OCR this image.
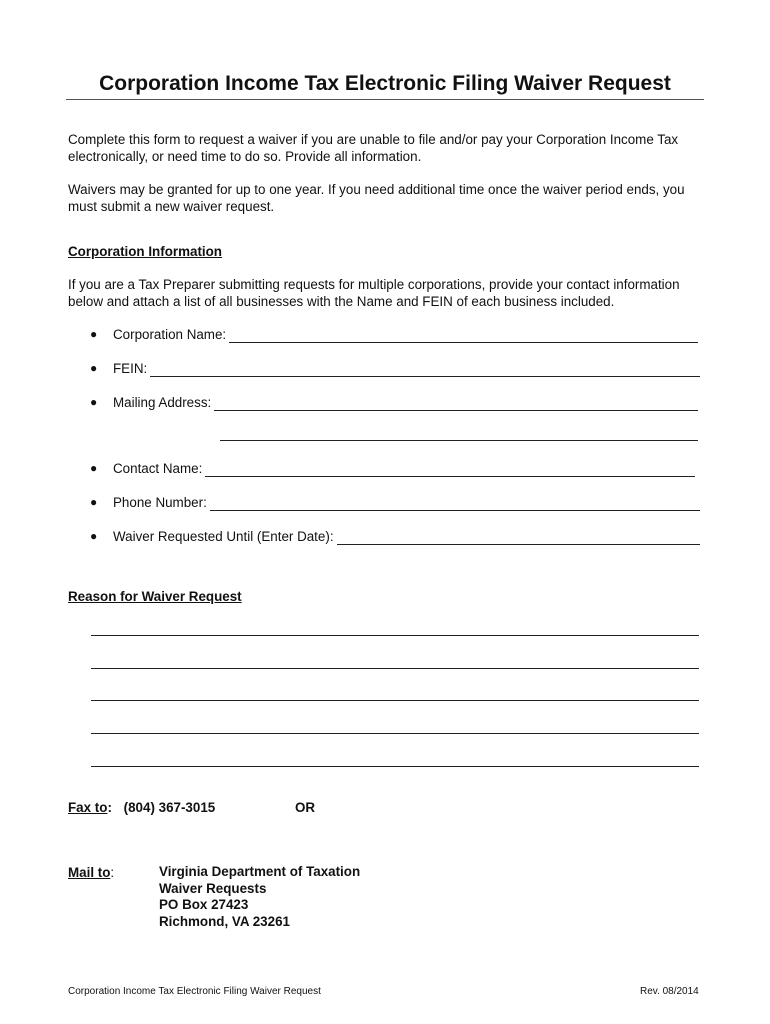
Corporation Income Tax Electronic Filing Waiver Request
Complete this form to request a waiver if you are unable to file and/or pay your Corporation Income Tax electronically, or need time to do so. Provide all information.
Waivers may be granted for up to one year. If you need additional time once the waiver period ends, you must submit a new waiver request.
Corporation Information
If you are a Tax Preparer submitting requests for multiple corporations, provide your contact information below and attach a list of all businesses with the Name and FEIN of each business included.
●	Corporation Name:
●	FEIN:
●	Mailing Address:
●	Contact Name:
●	Phone Number:
●	Waiver Requested Until (Enter Date):
Reason for Waiver Request
Fax to: (804) 367-3015	OR
Mail to:	Virginia Department of Taxation
Waiver Requests
PO Box 27423
Richmond, VA 23261
Corporation Income Tax Electronic Filing Waiver Request	Rev. 08/2014
